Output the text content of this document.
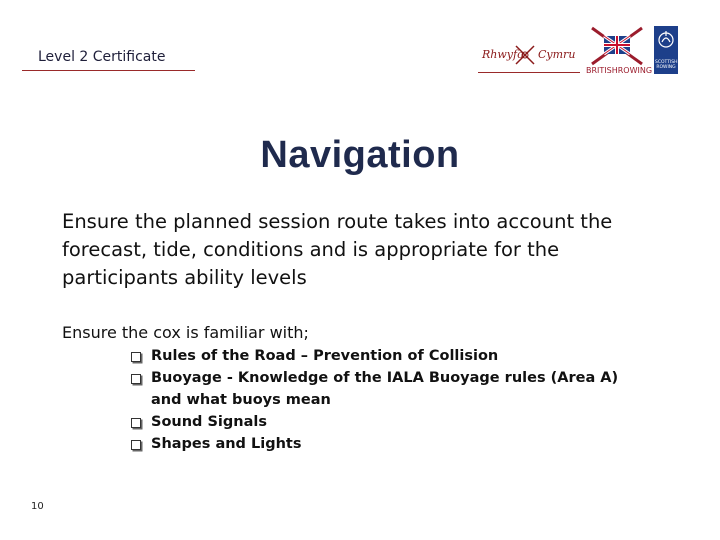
Level 2 Certificate	Rhwyfo Cymru
BRITISHROWING
SCOTTISH
ROWING
Navigation
Ensure the planned session route takes into account the forecast, tide, conditions and is appropriate for the participants ability levels
Ensure the cox is familiar with;
Rules of the Road – Prevention of Collision
Buoyage - Knowledge of the IALA Buoyage rules (Area A)
and what buoys mean
Sound Signals
Shapes and Lights
10
